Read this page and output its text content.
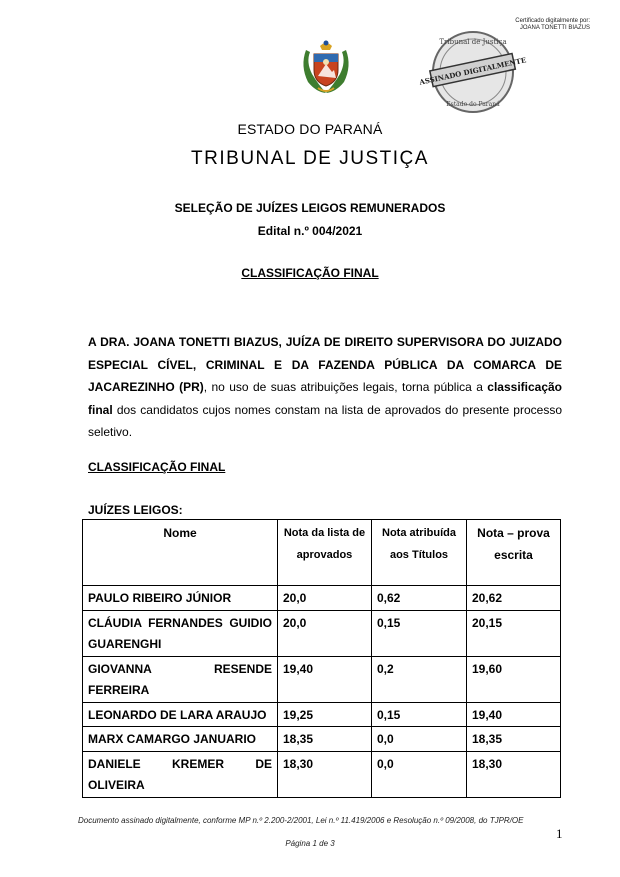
Certificado digitalmente por:
JOANA TONETTI BIAZUS
ASSINADO DIGITALMENTE
Tribunal de Justiça
Estado do Paraná
ESTADO DO PARANÁ
TRIBUNAL DE JUSTIÇA
SELEÇÃO DE JUÍZES LEIGOS REMUNERADOS
Edital n.º 004/2021
CLASSIFICAÇÃO FINAL
A DRA. JOANA TONETTI BIAZUS, JUÍZA DE DIREITO SUPERVISORA DO JUIZADO ESPECIAL CÍVEL, CRIMINAL E DA FAZENDA PÚBLICA DA COMARCA DE JACAREZINHO (PR), no uso de suas atribuições legais, torna pública a classificação final dos candidatos cujos nomes constam na lista de aprovados do presente processo seletivo.
CLASSIFICAÇÃO FINAL
JUÍZES LEIGOS:
Nome	Nota da lista de aprovados	Nota atribuída aos Títulos	Nota – prova escrita
PAULO RIBEIRO JÚNIOR	20,0	0,62	20,62
CLÁUDIA FERNANDES GUIDIO GUARENGHI	20,0	0,15	20,15
GIOVANNA RESENDE FERREIRA	19,40	0,2	19,60
LEONARDO DE LARA ARAUJO	19,25	0,15	19,40
MARX CAMARGO JANUARIO	18,35	0,0	18,35
DANIELE KREMER DE OLIVEIRA	18,30	0,0	18,30
Documento assinado digitalmente, conforme MP n.º 2.200-2/2001, Lei n.º 11.419/2006 e Resolução n.º 09/2008, do TJPR/OE
1
Página 1 de 3
